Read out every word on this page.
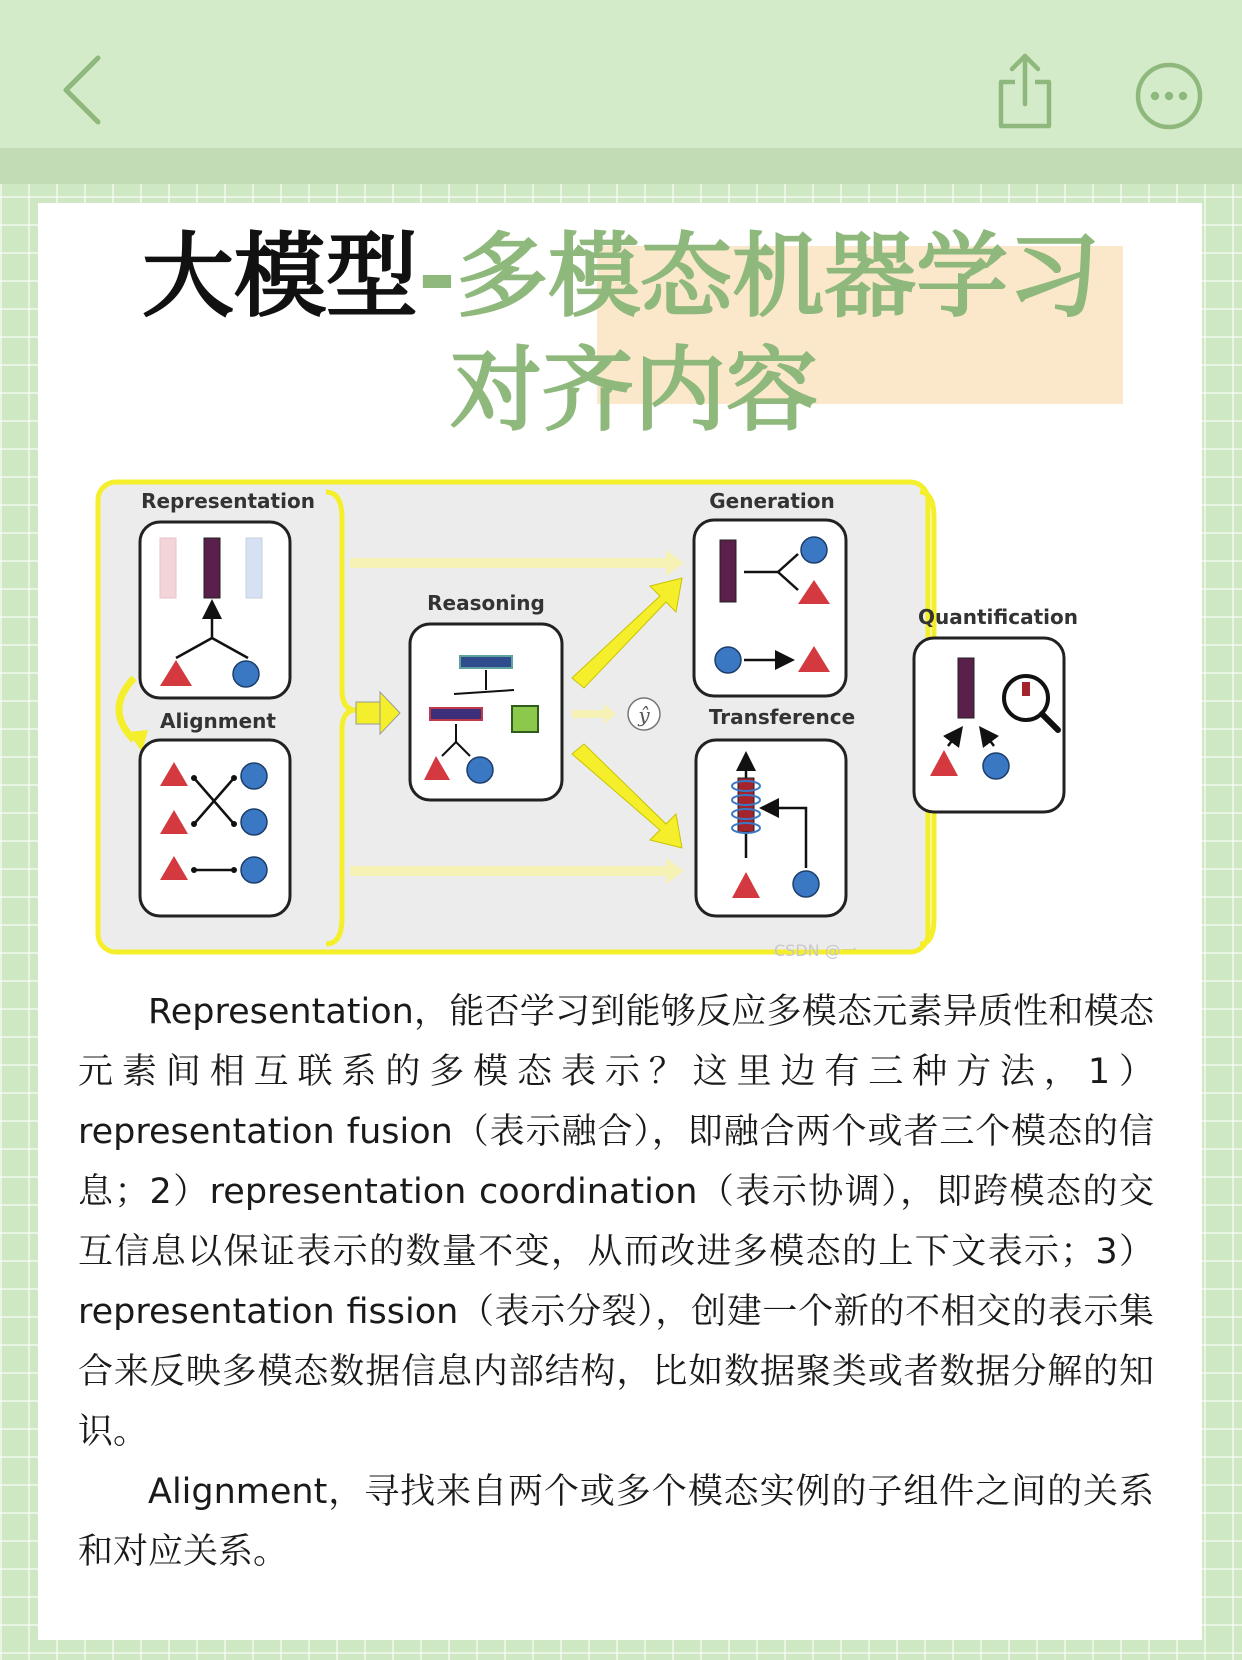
大模型-多模态机器学习
对齐内容
Representation
Alignment
Reasoning
ŷ
Generation
Transference
CSDN @一
Quantification

Representation，能否学习到能够反应多模态元素异质性和模态元素间相互联系的多模态表示？这里边有三种方法，1）representation fusion（表示融合），即融合两个或者三个模态的信息；2）representation coordination（表示协调），即跨模态的交互信息以保证表示的数量不变，从而改进多模态的上下文表示；3）representation fission（表示分裂），创建一个新的不相交的表示集合来反映多模态数据信息内部结构，比如数据聚类或者数据分解的知识。

Alignment，寻找来自两个或多个模态实例的子组件之间的关系和对应关系。
